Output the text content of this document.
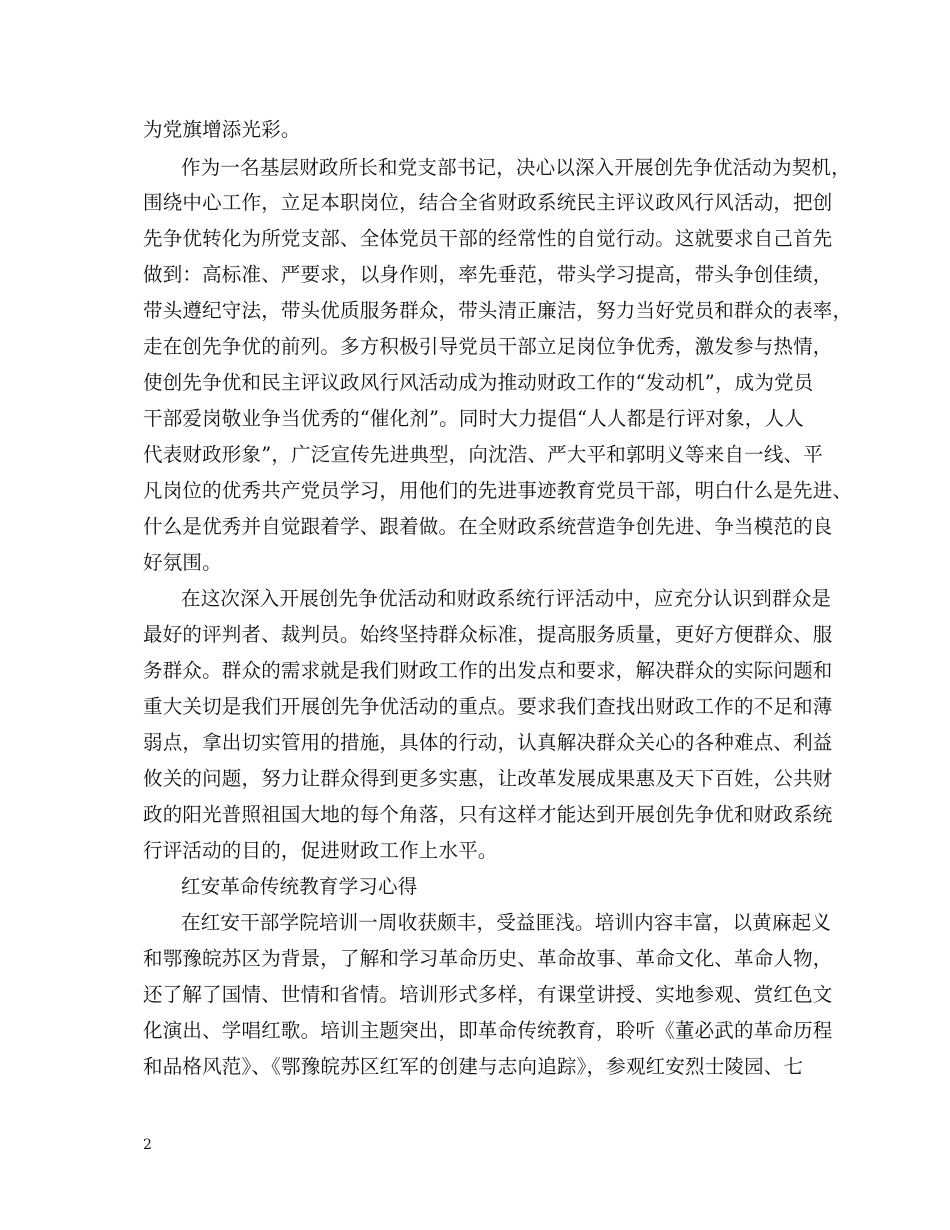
为党旗增添光彩。
作为一名基层财政所长和党支部书记，决心以深入开展创先争优活动为契机，
围绕中心工作，立足本职岗位，结合全省财政系统民主评议政风行风活动，把创
先争优转化为所党支部、全体党员干部的经常性的自觉行动。这就要求自己首先
做到：高标准、严要求，以身作则，率先垂范，带头学习提高，带头争创佳绩，
带头遵纪守法，带头优质服务群众，带头清正廉洁，努力当好党员和群众的表率，
走在创先争优的前列。多方积极引导党员干部立足岗位争优秀，激发参与热情，
使创先争优和民主评议政风行风活动成为推动财政工作的“发动机”，成为党员
干部爱岗敬业争当优秀的“催化剂”。同时大力提倡“人人都是行评对象，人人
代表财政形象”，广泛宣传先进典型，向沈浩、严大平和郭明义等来自一线、平
凡岗位的优秀共产党员学习，用他们的先进事迹教育党员干部，明白什么是先进、
什么是优秀并自觉跟着学、跟着做。在全财政系统营造争创先进、争当模范的良
好氛围。
在这次深入开展创先争优活动和财政系统行评活动中，应充分认识到群众是
最好的评判者、裁判员。始终坚持群众标准，提高服务质量，更好方便群众、服
务群众。群众的需求就是我们财政工作的出发点和要求，解决群众的实际问题和
重大关切是我们开展创先争优活动的重点。要求我们查找出财政工作的不足和薄
弱点，拿出切实管用的措施，具体的行动，认真解决群众关心的各种难点、利益
攸关的问题，努力让群众得到更多实惠，让改革发展成果惠及天下百姓，公共财
政的阳光普照祖国大地的每个角落，只有这样才能达到开展创先争优和财政系统
行评活动的目的，促进财政工作上水平。
红安革命传统教育学习心得
在红安干部学院培训一周收获颇丰，受益匪浅。培训内容丰富，以黄麻起义
和鄂豫皖苏区为背景，了解和学习革命历史、革命故事、革命文化、革命人物，
还了解了国情、世情和省情。培训形式多样，有课堂讲授、实地参观、赏红色文
化演出、学唱红歌。培训主题突出，即革命传统教育，聆听《董必武的革命历程
和品格风范》、《鄂豫皖苏区红军的创建与志向追踪》，参观红安烈士陵园、七
2
